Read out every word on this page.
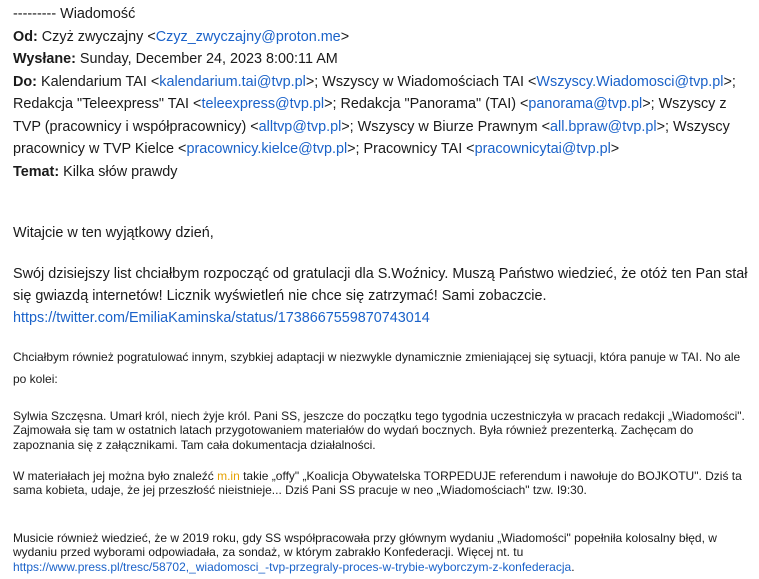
--------- Wiadomość
Od: Czyż zwyczajny <Czyz_zwyczajny@proton.me>
Wysłane: Sunday, December 24, 2023 8:00:11 AM
Do: Kalendarium TAI <kalendarium.tai@tvp.pl>; Wszyscy w Wiadomościach TAI <Wszyscy.Wiadomosci@tvp.pl>; Redakcja "Teleexpress" TAI <teleexpress@tvp.pl>; Redakcja "Panorama" (TAI) <panorama@tvp.pl>; Wszyscy z TVP (pracownicy i współpracownicy) <alltvp@tvp.pl>; Wszyscy w Biurze Prawnym <all.bpraw@tvp.pl>; Wszyscy pracownicy w TVP Kielce <pracownicy.kielce@tvp.pl>; Pracownicy TAI <pracownicytai@tvp.pl>
Temat: Kilka słów prawdy
Witajcie w ten wyjątkowy dzień,
Swój dzisiejszy list chciałbym rozpocząć od gratulacji dla S.Woźnicy. Muszą Państwo wiedzieć, że otóż ten Pan stał się gwiazdą internetów! Licznik wyświetleń nie chce się zatrzymać! Sami zobaczcie.
https://twitter.com/EmiliaKaminska/status/1738667559870743014
Chciałbym również pogratulować innym, szybkiej adaptacji w niezwykle dynamicznie zmieniającej się sytuacji, która panuje w TAI. No ale po kolei:
Sylwia Szczęsna. Umarł król, niech żyje król. Pani SS, jeszcze do początku tego tygodnia uczestniczyła w pracach redakcji „Wiadomości". Zajmowała się tam w ostatnich latach przygotowaniem materiałów do wydań bocznych. Była również prezenterką. Zachęcam do zapoznania się z załącznikami. Tam cała dokumentacja działalności.
W materiałach jej można było znaleźć m.in takie „offy" „Koalicja Obywatelska TORPEDUJE referendum i nawołuje do BOJKOTU". Dziś ta sama kobieta, udaje, że jej przeszłość nieistnieje... Dziś Pani SS pracuje w neo „Wiadomościach" tzw. I9:30.
Musicie również wiedzieć, że w 2019 roku, gdy SS współpracowała przy głównym wydaniu „Wiadomości" popełniła kolosalny błęd, w wydaniu przed wyborami odpowiadała, za sondaż, w którym zabrakło Konfederacji. Więcej nt. tu
https://www.press.pl/tresc/58702,_wiadomosci_-tvp-przegraly-proces-w-trybie-wyborczym-z-konfederacja.
